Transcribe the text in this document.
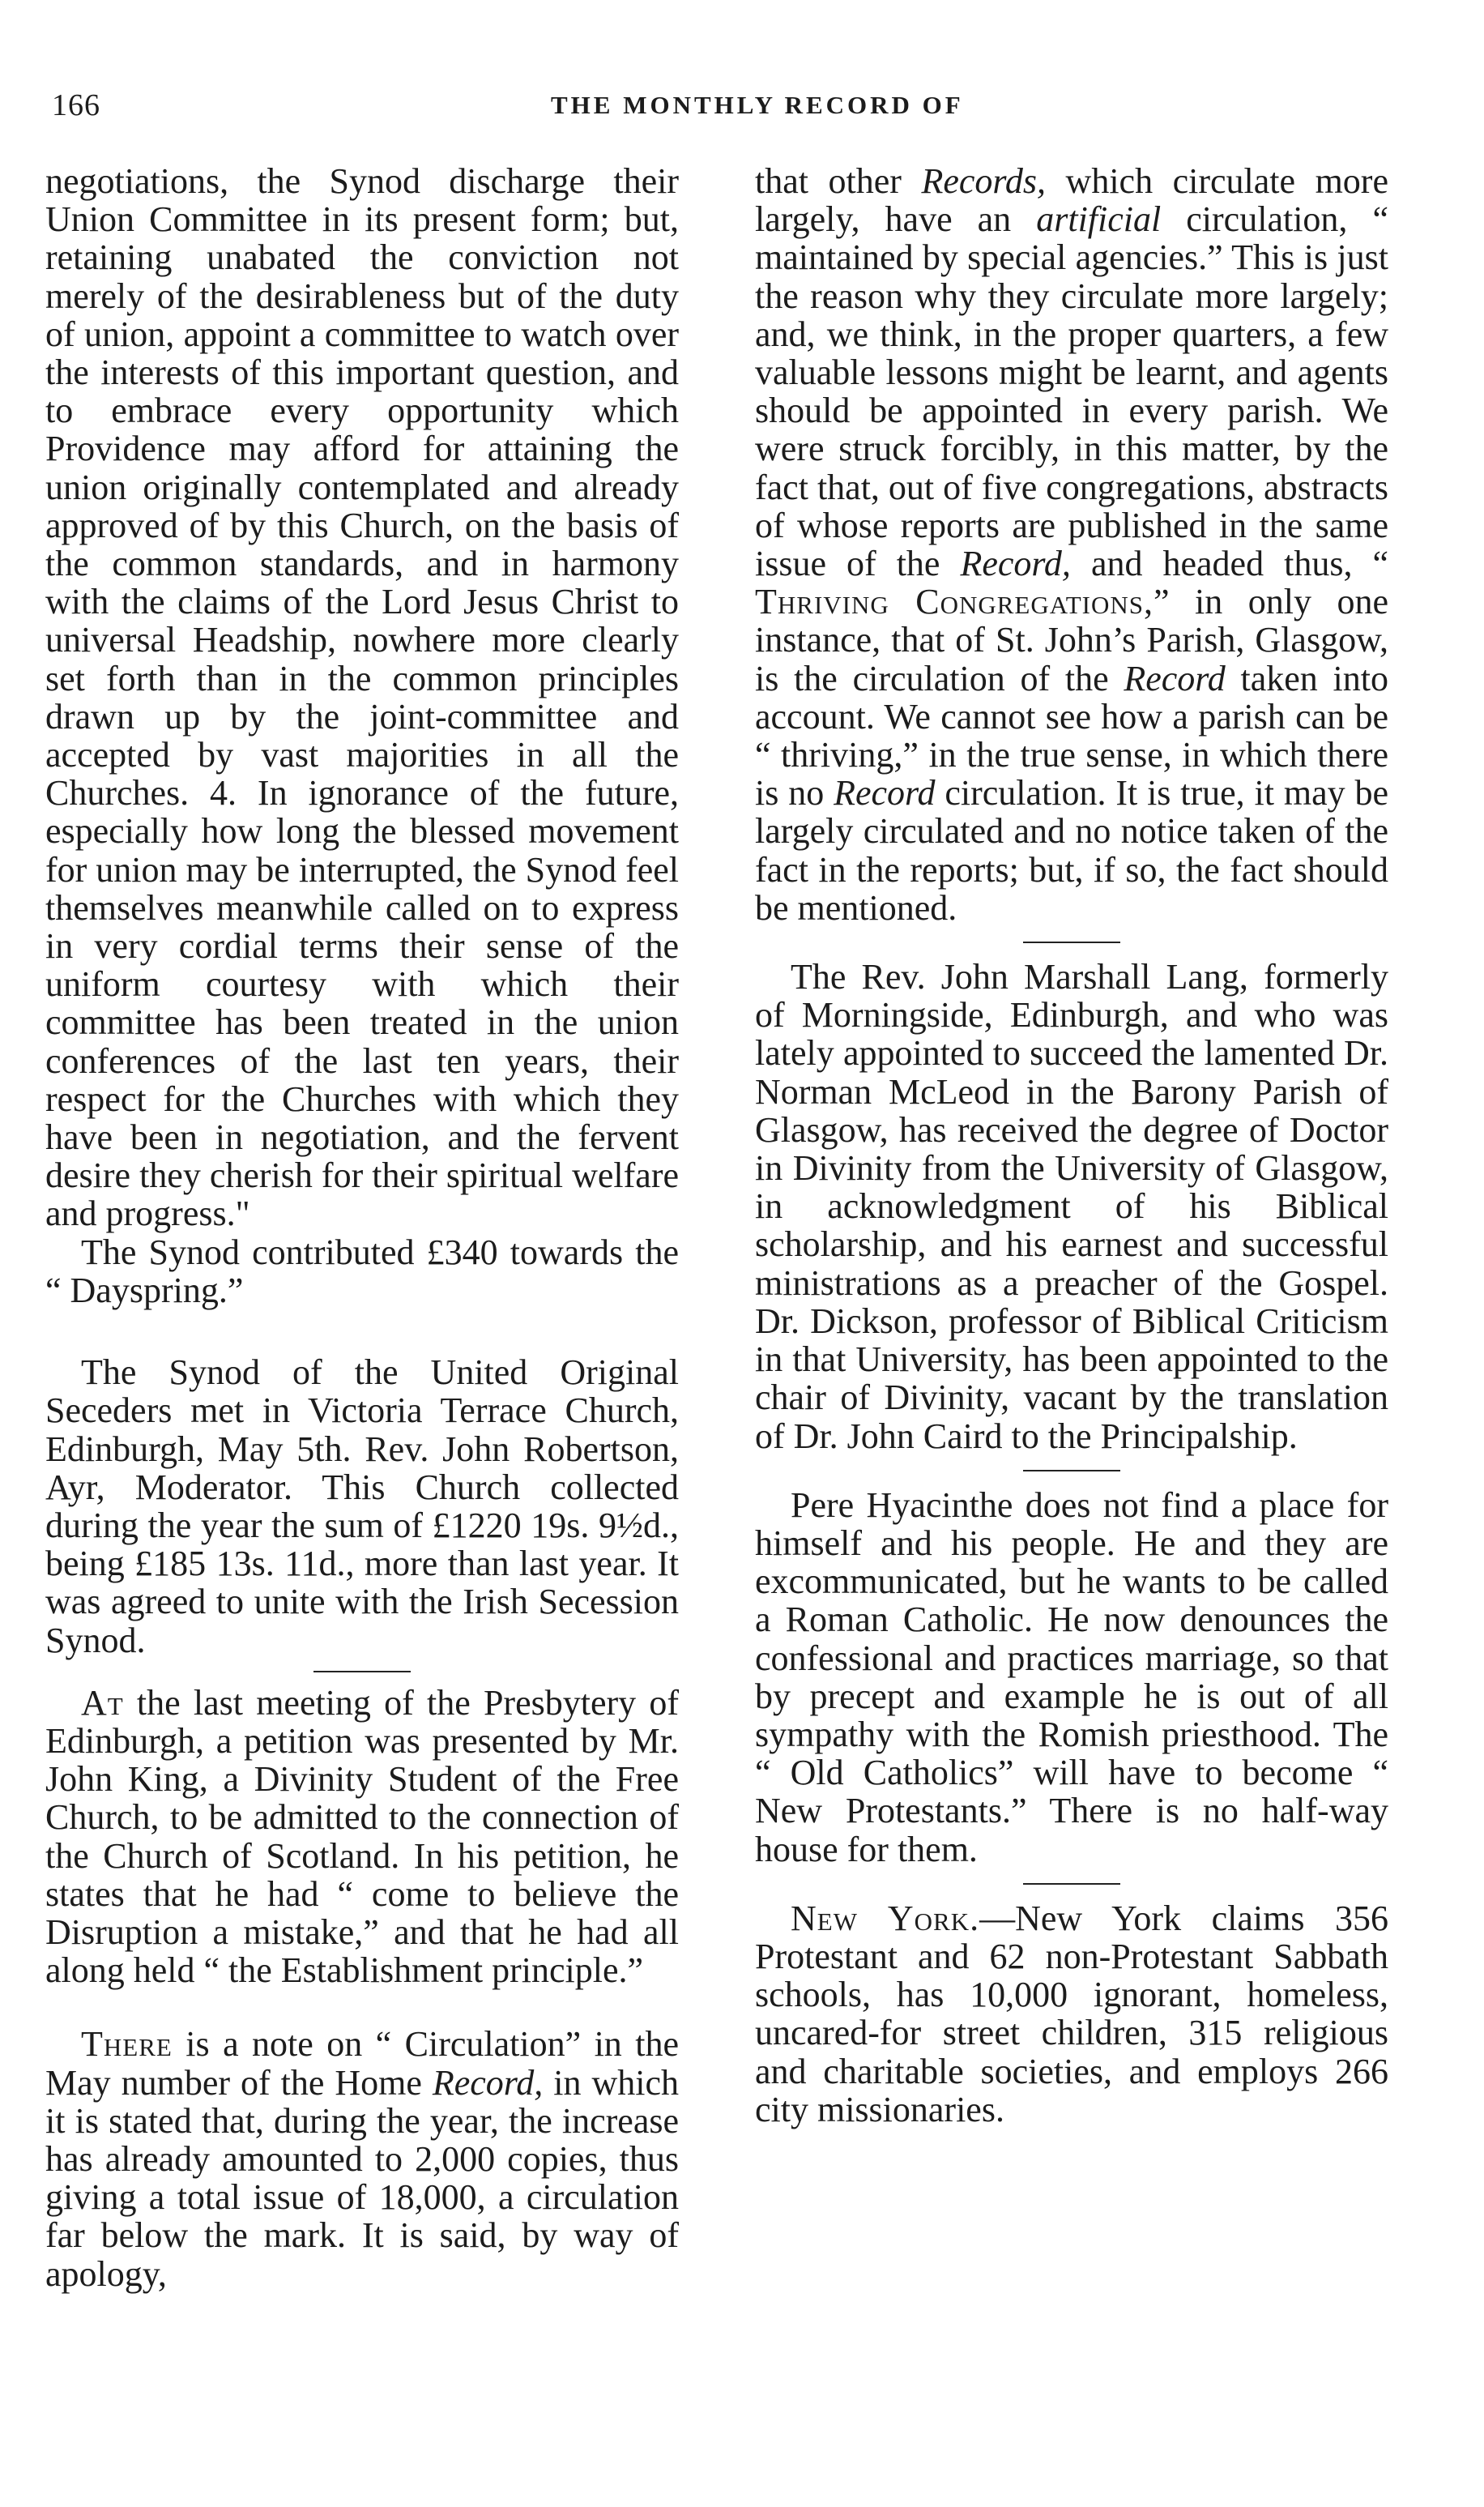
166	THE MONTHLY RECORD OF

negotiations, the Synod discharge their Union Committee in its present form; but, retaining unabated the conviction not merely of the desirableness but of the duty of union, appoint a committee to watch over the interests of this important question, and to embrace every opportunity which Providence may afford for attaining the union originally contemplated and already approved of by this Church, on the basis of the common standards, and in harmony with the claims of the Lord Jesus Christ to universal Headship, nowhere more clearly set forth than in the common principles drawn up by the joint-committee and accepted by vast majorities in all the Churches. 4. In ignorance of the future, especially how long the blessed movement for union may be interrupted, the Synod feel themselves meanwhile called on to express in very cordial terms their sense of the uniform courtesy with which their committee has been treated in the union conferences of the last ten years, their respect for the Churches with which they have been in negotiation, and the fervent desire they cherish for their spiritual welfare and progress."

The Synod contributed £340 towards the “ Dayspring.”

The Synod of the United Original Seceders met in Victoria Terrace Church, Edinburgh, May 5th. Rev. John Robertson, Ayr, Moderator. This Church collected during the year the sum of £1220 19s. 9½d., being £185 13s. 11d., more than last year. It was agreed to unite with the Irish Secession Synod.

At the last meeting of the Presbytery of Edinburgh, a petition was presented by Mr. John King, a Divinity Student of the Free Church, to be admitted to the connection of the Church of Scotland. In his petition, he states that he had “ come to believe the Disruption a mistake,” and that he had all along held “ the Establishment principle.”

There is a note on “ Circulation” in the May number of the Home Record, in which it is stated that, during the year, the increase has already amounted to 2,000 copies, thus giving a total issue of 18,000, a circulation far below the mark. It is said, by way of apology,

that other Records, which circulate more largely, have an artificial circulation, “ maintained by special agencies.” This is just the reason why they circulate more largely; and, we think, in the proper quarters, a few valuable lessons might be learnt, and agents should be appointed in every parish. We were struck forcibly, in this matter, by the fact that, out of five congregations, abstracts of whose reports are published in the same issue of the Record, and headed thus, “ Thriving Congregations,” in only one instance, that of St. John’s Parish, Glasgow, is the circulation of the Record taken into account. We cannot see how a parish can be “ thriving,” in the true sense, in which there is no Record circulation. It is true, it may be largely circulated and no notice taken of the fact in the reports; but, if so, the fact should be mentioned.

The Rev. John Marshall Lang, formerly of Morningside, Edinburgh, and who was lately appointed to succeed the lamented Dr. Norman McLeod in the Barony Parish of Glasgow, has received the degree of Doctor in Divinity from the University of Glasgow, in acknowledgment of his Biblical scholarship, and his earnest and successful ministrations as a preacher of the Gospel. Dr. Dickson, professor of Biblical Criticism in that University, has been appointed to the chair of Divinity, vacant by the translation of Dr. John Caird to the Principalship.

Pere Hyacinthe does not find a place for himself and his people. He and they are excommunicated, but he wants to be called a Roman Catholic. He now denounces the confessional and practices marriage, so that by precept and example he is out of all sympathy with the Romish priesthood. The “ Old Catholics” will have to become “ New Protestants.” There is no half-way house for them.

New York.—New York claims 356 Protestant and 62 non-Protestant Sabbath schools, has 10,000 ignorant, homeless, uncared-for street children, 315 religious and charitable societies, and employs 266 city missionaries.
